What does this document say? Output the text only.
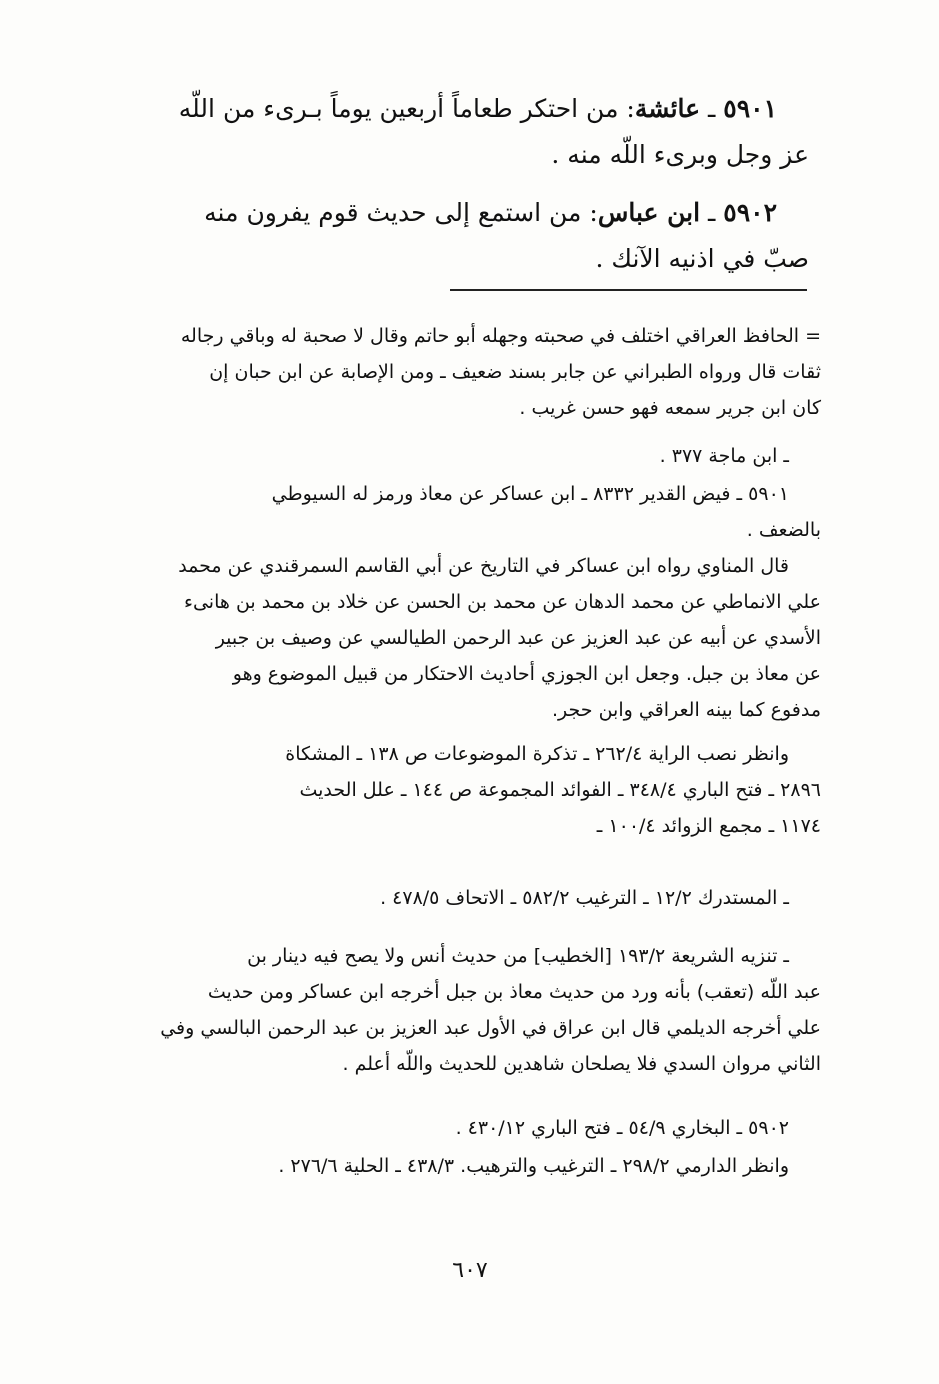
٥٩٠١ ـ عائشة: من احتكر طعاماً أربعين يوماً بـرىء من اللّه
عز وجل وبرىء اللّه منه .
٥٩٠٢ ـ ابن عباس: من استمع إلى حديث قوم يفرون منه
صبّ في اذنيه الآنك .
= الحافظ العراقي اختلف في صحبته وجهله أبو حاتم وقال لا صحبة له وباقي رجاله
ثقات قال ورواه الطبراني عن جابر بسند ضعيف ـ ومن الإصابة عن ابن حبان إن
كان ابن جرير سمعه فهو حسن غريب .
ـ ابن ماجة ٣٧٧ .
٥٩٠١ ـ فيض القدير ٨٣٣٢ ـ ابن عساكر عن معاذ ورمز له السيوطي
بالضعف .
قال المناوي رواه ابن عساكر في التاريخ عن أبي القاسم السمرقندي عن محمد
علي الانماطي عن محمد الدهان عن محمد بن الحسن عن خلاد بن محمد بن هانىء
الأسدي عن أبيه عن عبد العزيز عن عبد الرحمن الطيالسي عن وصيف بن جبير
عن معاذ بن جبل. وجعل ابن الجوزي أحاديث الاحتكار من قبيل الموضوع وهو
مدفوع كما بينه العراقي وابن حجر.
وانظر نصب الراية ٢٦٢/٤ ـ تذكرة الموضوعات ص ١٣٨ ـ المشكاة
٢٨٩٦ ـ فتح الباري ٣٤٨/٤ ـ الفوائد المجموعة ص ١٤٤ ـ علل الحديث
١١٧٤ ـ مجمع الزوائد ١٠٠/٤ ـ
ـ المستدرك ١٢/٢ ـ الترغيب ٥٨٢/٢ ـ الاتحاف ٤٧٨/٥ .
ـ تنزيه الشريعة ١٩٣/٢ [الخطيب] من حديث أنس ولا يصح فيه دينار بن
عبد اللّه (تعقب) بأنه ورد من حديث معاذ بن جبل أخرجه ابن عساكر ومن حديث
علي أخرجه الديلمي قال ابن عراق في الأول عبد العزيز بن عبد الرحمن البالسي وفي
الثاني مروان السدي فلا يصلحان شاهدين للحديث واللّه أعلم .
٥٩٠٢ ـ البخاري ٥٤/٩ ـ فتح الباري ٤٣٠/١٢ .
وانظر الدارمي ٢٩٨/٢ ـ الترغيب والترهيب. ٤٣٨/٣ ـ الحلية ٢٧٦/٦ .
٦٠٧
